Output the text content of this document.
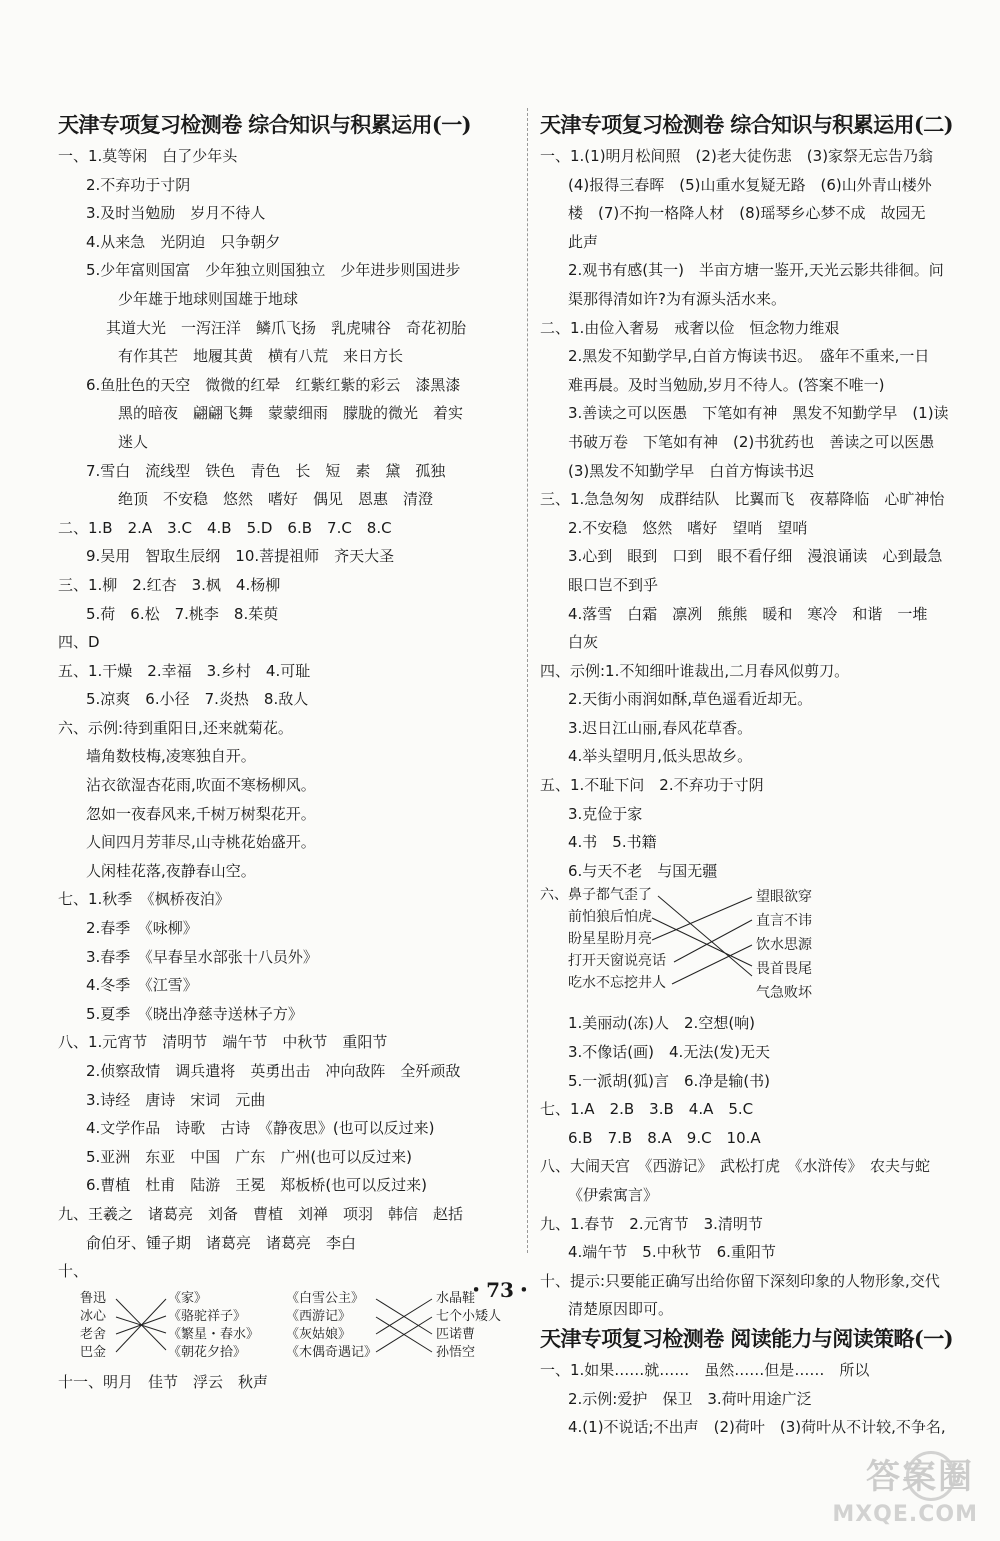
天津专项复习检测卷 综合知识与积累运用(一)
一、1.莫等闲　白了少年头
2.不弃功于寸阴
3.及时当勉励　岁月不待人
4.从来急　光阴迫　只争朝夕
5.少年富则国富　少年独立则国独立　少年进步则国进步
少年雄于地球则国雄于地球
其道大光　一泻汪洋　鳞爪飞扬　乳虎啸谷　奇花初胎
有作其芒　地履其黄　横有八荒　来日方长
6.鱼肚色的天空　微微的红晕　红紫红紫的彩云　漆黑漆
黑的暗夜　翩翩飞舞　蒙蒙细雨　朦胧的微光　着实
迷人
7.雪白　流线型　铁色　青色　长　短　素　黛　孤独
绝顶　不安稳　悠然　嗜好　偶见　恩惠　清澄
二、1.B　2.A　3.C　4.B　5.D　6.B　7.C　8.C
9.吴用　智取生辰纲　10.菩提祖师　齐天大圣
三、1.柳　2.红杏　3.枫　4.杨柳
5.荷　6.松　7.桃李　8.茱萸
四、D
五、1.干燥　2.幸福　3.乡村　4.可耻
5.凉爽　6.小径　7.炎热　8.敌人
六、示例:待到重阳日,还来就菊花。
墙角数枝梅,凌寒独自开。
沾衣欲湿杏花雨,吹面不寒杨柳风。
忽如一夜春风来,千树万树梨花开。
人间四月芳菲尽,山寺桃花始盛开。
人闲桂花落,夜静春山空。
七、1.秋季　《枫桥夜泊》
2.春季　《咏柳》
3.春季　《早春呈水部张十八员外》
4.冬季　《江雪》
5.夏季　《晓出净慈寺送林子方》
八、1.元宵节　清明节　端午节　中秋节　重阳节
2.侦察敌情　调兵遣将　英勇出击　冲向敌阵　全歼顽敌
3.诗经　唐诗　宋词　元曲
4.文学作品　诗歌　古诗　《静夜思》(也可以反过来)
5.亚洲　东亚　中国　广东　广州(也可以反过来)
6.曹植　杜甫　陆游　王冕　郑板桥(也可以反过来)
九、王羲之　诸葛亮　刘备　曹植　刘禅　项羽　韩信　赵括
俞伯牙、锺子期　诸葛亮　诸葛亮　李白
十、
鲁迅
冰心
老舍
巴金
《家》
《骆驼祥子》
《繁星・春水》
《朝花夕拾》
《白雪公主》
《西游记》
《灰姑娘》
《木偶奇遇记》
水晶鞋
七个小矮人
匹诺曹
孙悟空
十一、明月　佳节　浮云　秋声
天津专项复习检测卷 综合知识与积累运用(二)
一、1.(1)明月松间照　(2)老大徒伤悲　(3)家祭无忘告乃翁
(4)报得三春晖　(5)山重水复疑无路　(6)山外青山楼外
楼　(7)不拘一格降人材　(8)瑶琴乡心梦不成　故园无
此声
2.观书有感(其一)　半亩方塘一鉴开,天光云影共徘徊。问
渠那得清如许?为有源头活水来。
二、1.由俭入奢易　戒奢以俭　恒念物力维艰
2.黑发不知勤学早,白首方悔读书迟。　盛年不重来,一日
难再晨。及时当勉励,岁月不待人。(答案不唯一)
3.善读之可以医愚　下笔如有神　黑发不知勤学早　(1)读
书破万卷　下笔如有神　(2)书犹药也　善读之可以医愚
(3)黑发不知勤学早　白首方悔读书迟
三、1.急急匆匆　成群结队　比翼而飞　夜幕降临　心旷神怡
2.不安稳　悠然　嗜好　望哨　望哨
3.心到　眼到　口到　眼不看仔细　漫浪诵读　心到最急
眼口岂不到乎
4.落雪　白霜　凛冽　熊熊　暖和　寒冷　和谐　一堆
白灰
四、示例:1.不知细叶谁裁出,二月春风似剪刀。
2.天街小雨润如酥,草色遥看近却无。
3.迟日江山丽,春风花草香。
4.举头望明月,低头思故乡。
五、1.不耻下问　2.不弃功于寸阴
3.克俭于家
4.书　5.书籍
6.与天不老　与国无疆
六、鼻子都气歪了
前怕狼后怕虎
盼星星盼月亮
打开天窗说亮话
吃水不忘挖井人
望眼欲穿
直言不讳
饮水思源
畏首畏尾
气急败坏
1.美丽动(冻)人　2.空想(响)
3.不像话(画)　4.无法(发)无天
5.一派胡(狐)言　6.净是输(书)
七、1.A　2.B　3.B　4.A　5.C
6.B　7.B　8.A　9.C　10.A
八、大闹天宫　《西游记》　武松打虎　《水浒传》　农夫与蛇
《伊索寓言》
九、1.春节　2.元宵节　3.清明节
4.端午节　5.中秋节　6.重阳节
十、提示:只要能正确写出给你留下深刻印象的人物形象,交代
清楚原因即可。
天津专项复习检测卷 阅读能力与阅读策略(一)
一、1.如果……就……　虽然……但是……　所以
2.示例:爱护　保卫　3.荷叶用途广泛
4.(1)不说话;不出声　(2)荷叶　(3)荷叶从不计较,不争名,
・73・
答案圈
MXQE.COM
